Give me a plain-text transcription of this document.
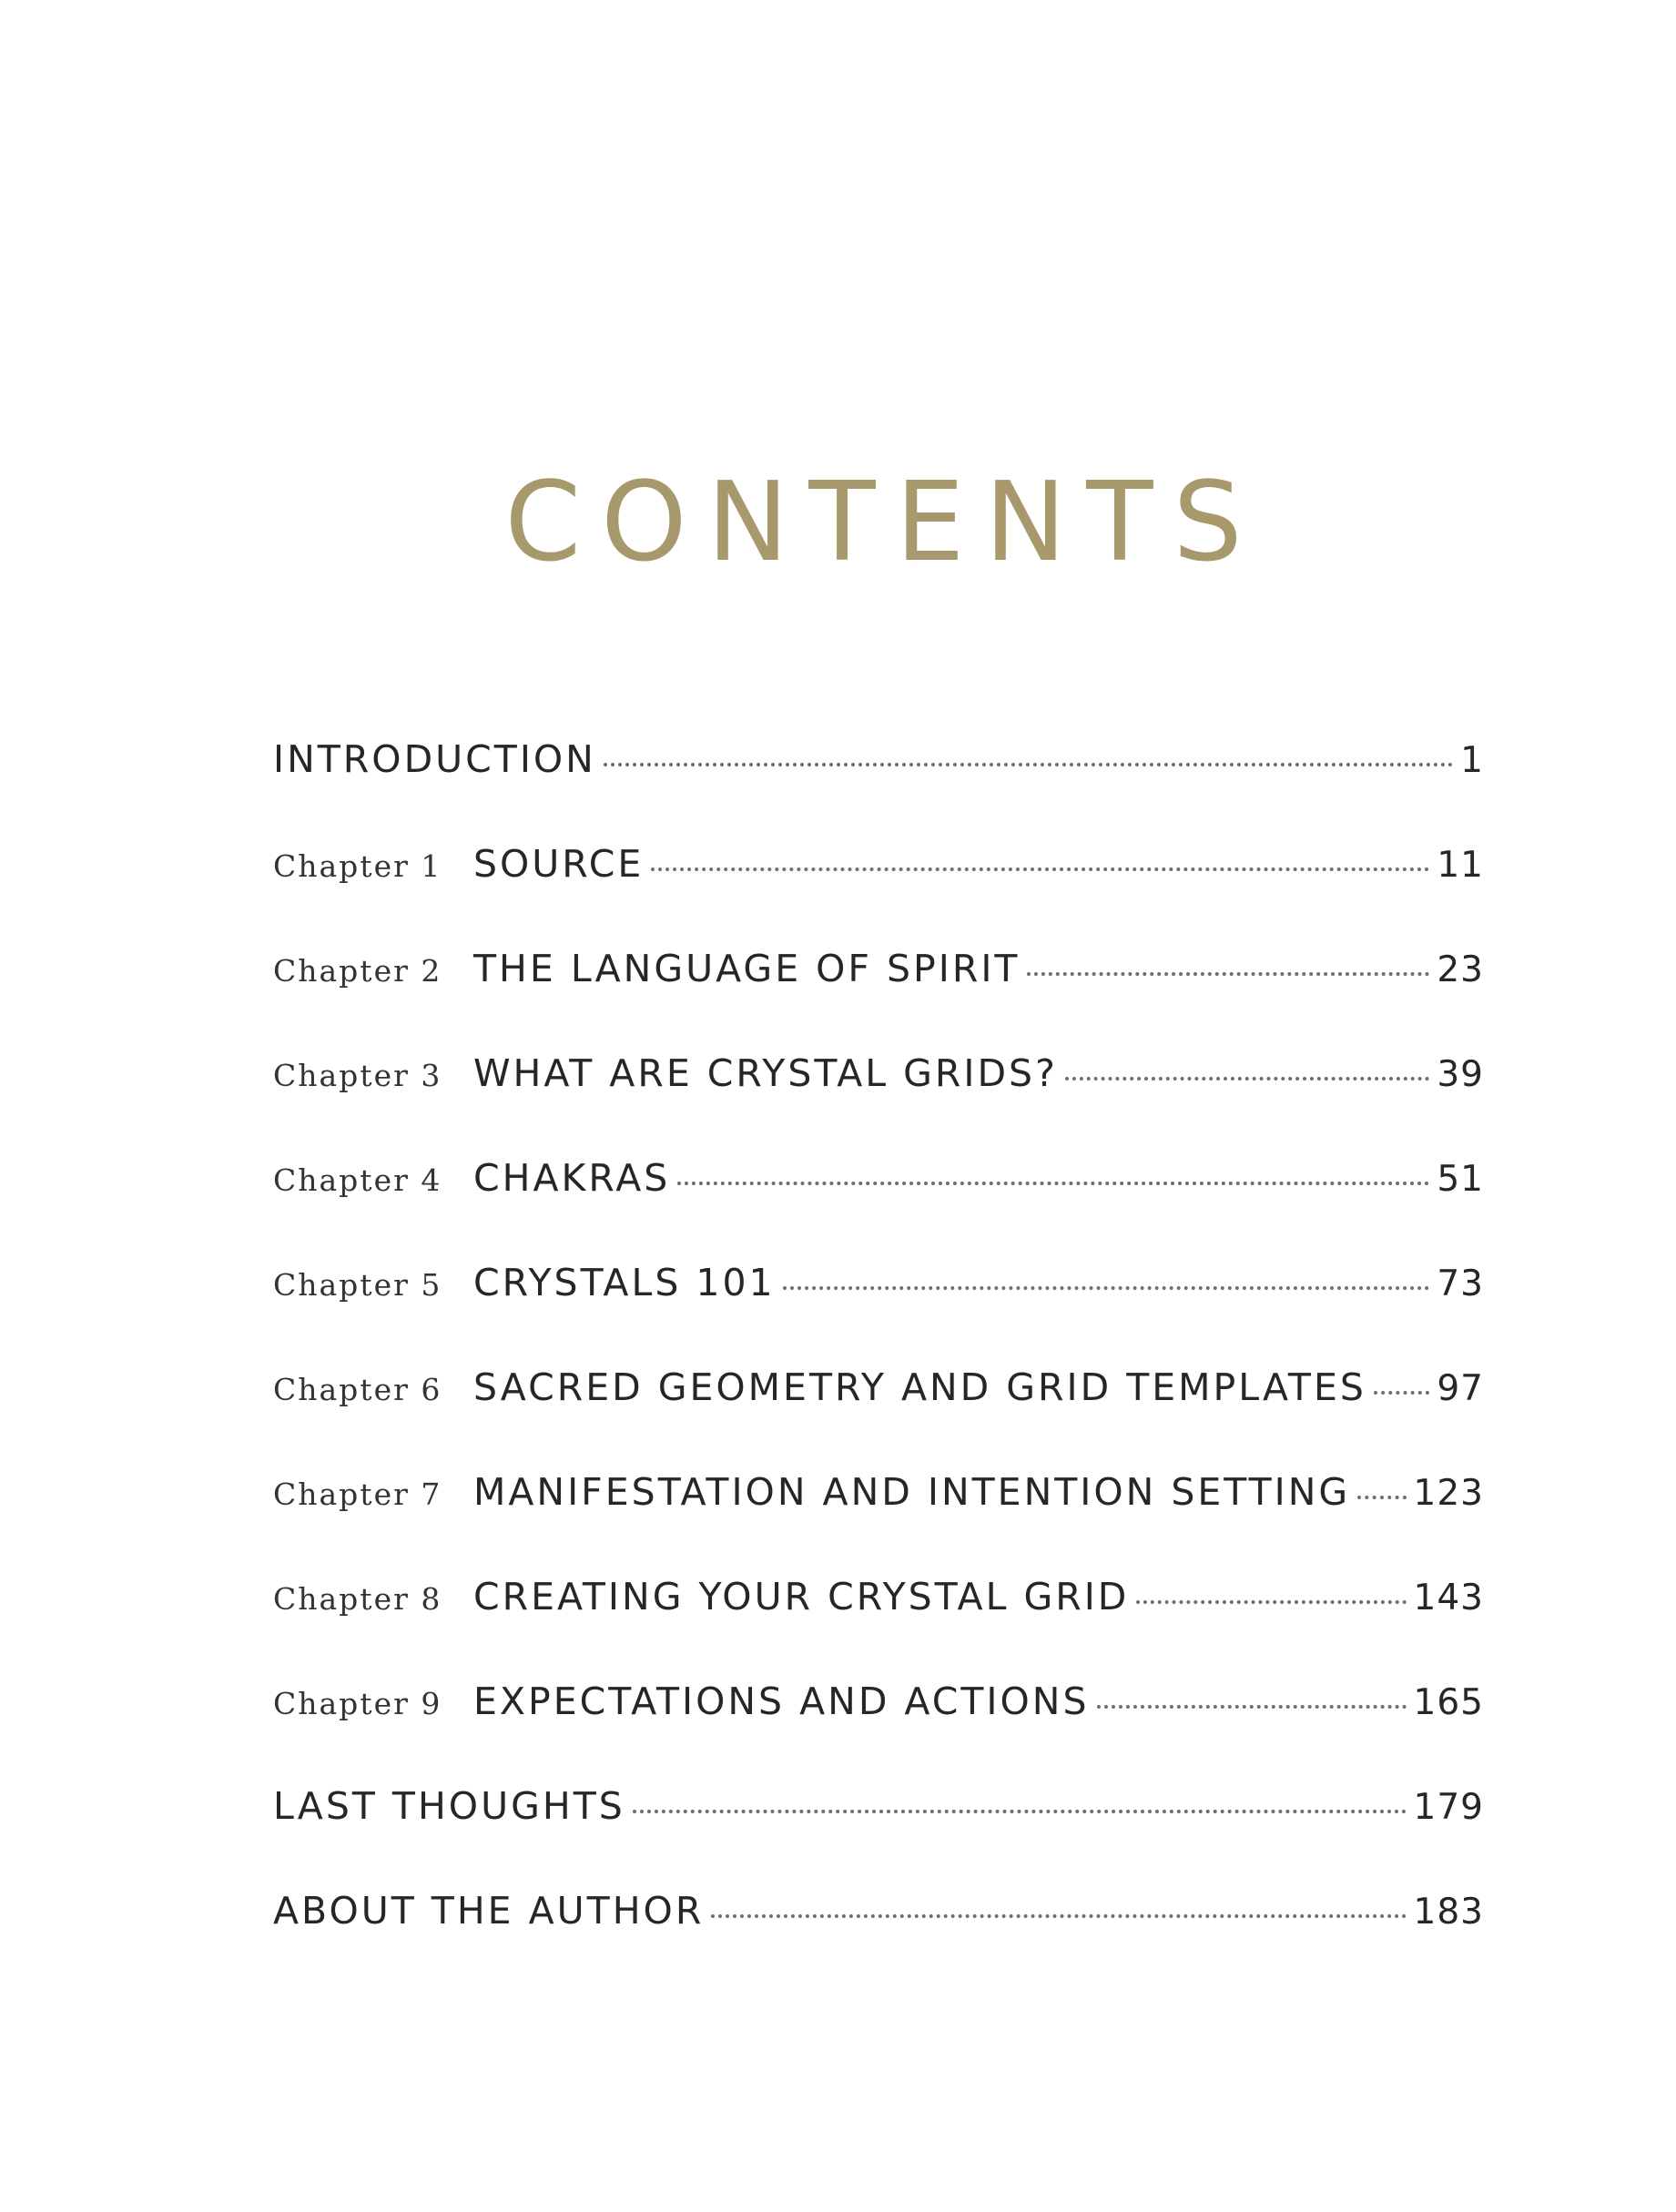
CONTENTS
INTRODUCTION	1
Chapter 1 SOURCE	11
Chapter 2 THE LANGUAGE OF SPIRIT	23
Chapter 3 WHAT ARE CRYSTAL GRIDS?	39
Chapter 4 CHAKRAS	51
Chapter 5 CRYSTALS 101	73
Chapter 6 SACRED GEOMETRY AND GRID TEMPLATES 97
Chapter 7 MANIFESTATION AND INTENTION SETTING 123
Chapter 8 CREATING YOUR CRYSTAL GRID	143
Chapter 9 EXPECTATIONS AND ACTIONS	165
LAST THOUGHTS	179
ABOUT THE AUTHOR	183
